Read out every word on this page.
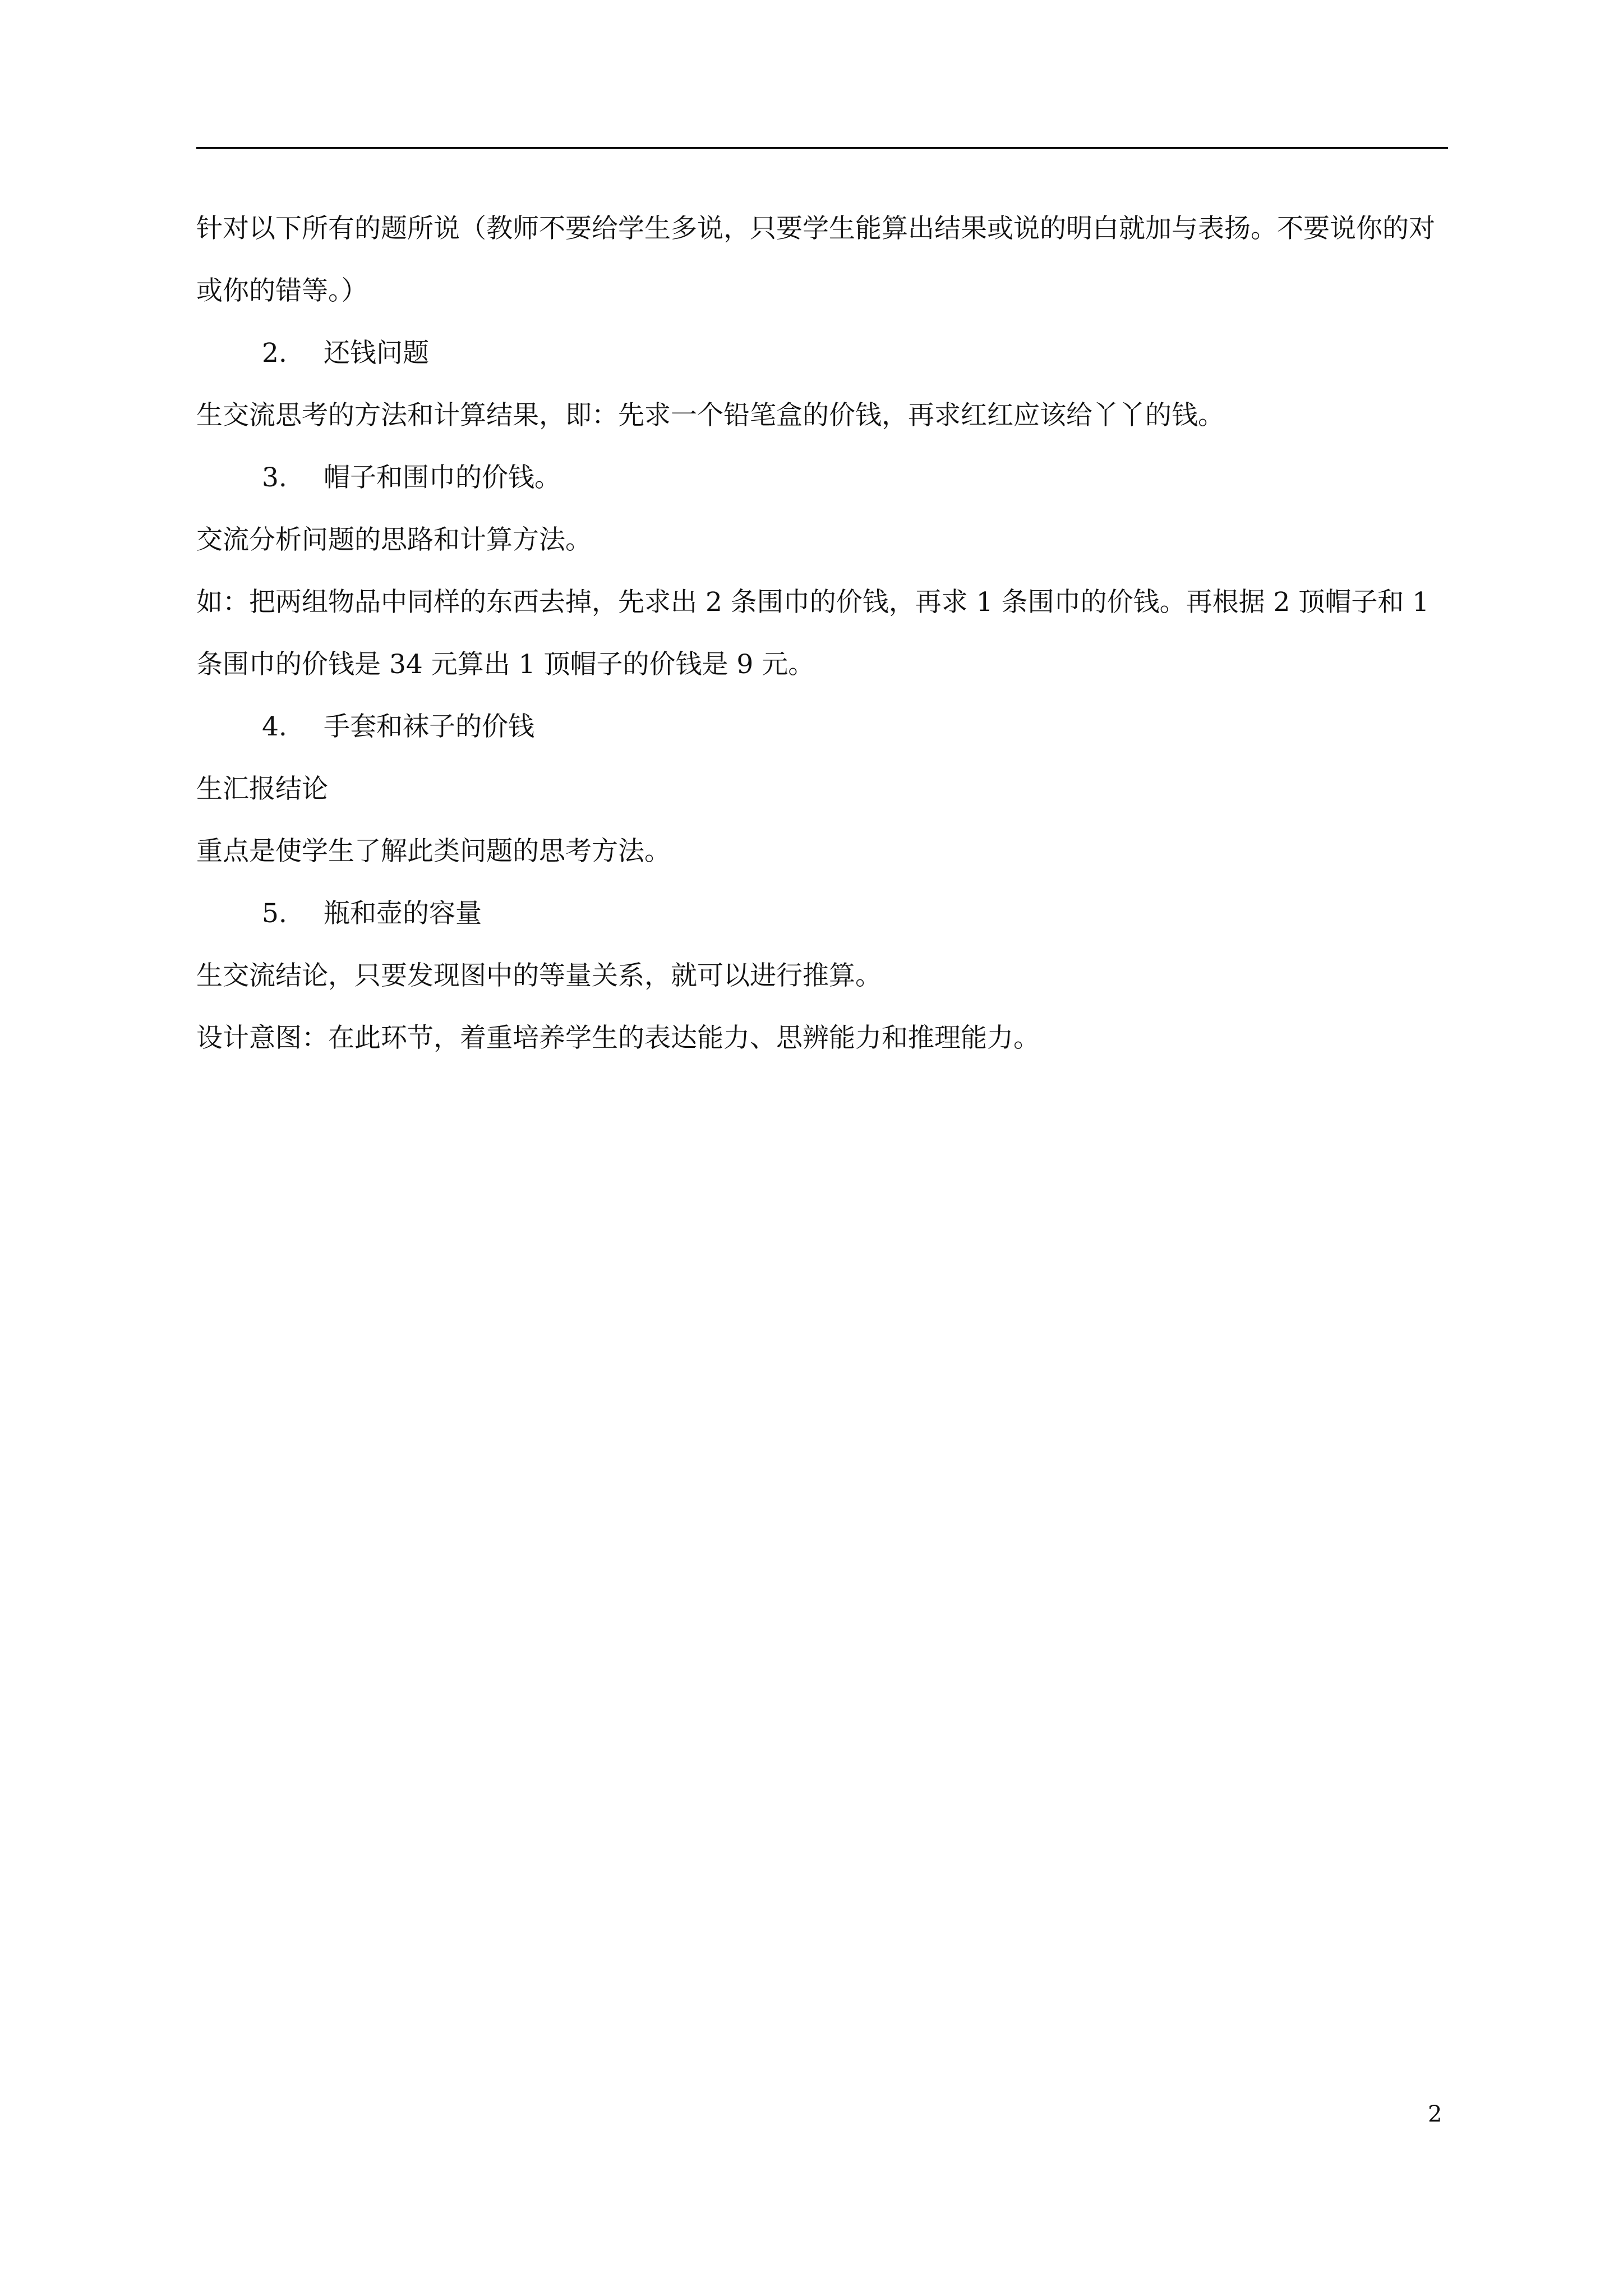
针对以下所有的题所说（教师不要给学生多说，只要学生能算出结果或说的明白就加与表扬。不要说你的对或你的错等。）

2. 还钱问题

生交流思考的方法和计算结果，即：先求一个铅笔盒的价钱，再求红红应该给丫丫的钱。

3. 帽子和围巾的价钱。

交流分析问题的思路和计算方法。

如：把两组物品中同样的东西去掉，先求出 2 条围巾的价钱，再求 1 条围巾的价钱。再根据 2 顶帽子和 1 条围巾的价钱是 34 元算出 1 顶帽子的价钱是 9 元。

4. 手套和袜子的价钱

生汇报结论

重点是使学生了解此类问题的思考方法。

5. 瓶和壶的容量

生交流结论，只要发现图中的等量关系，就可以进行推算。

设计意图：在此环节，着重培养学生的表达能力、思辨能力和推理能力。

2
